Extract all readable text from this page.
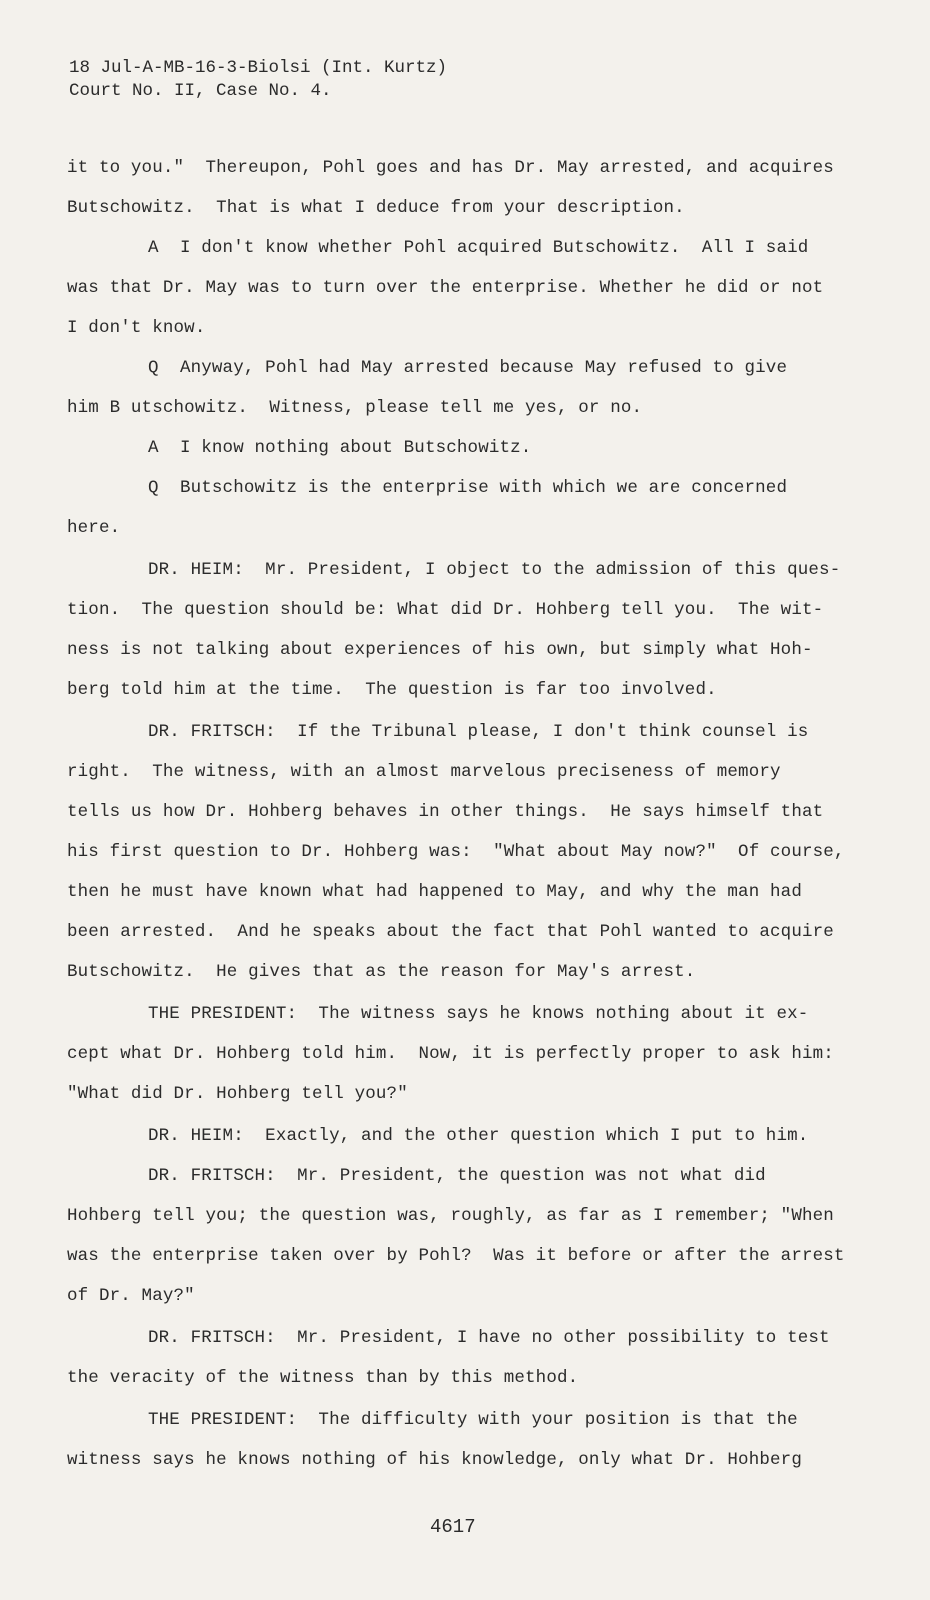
18 Jul-A-MB-16-3-Biolsi (Int. Kurtz)
Court No. II, Case No. 4.
it to you."  Thereupon, Pohl goes and has Dr. May arrested, and acquires
Butschowitz.  That is what I deduce from your description.
A  I don't know whether Pohl acquired Butschowitz.  All I said
was that Dr. May was to turn over the enterprise. Whether he did or not
I don't know.
Q  Anyway, Pohl had May arrested because May refused to give
him B utschowitz.  Witness, please tell me yes, or no.
A  I know nothing about Butschowitz.
Q  Butschowitz is the enterprise with which we are concerned
here.
DR. HEIM:  Mr. President, I object to the admission of this ques-
tion.  The question should be: What did Dr. Hohberg tell you.  The wit-
ness is not talking about experiences of his own, but simply what Hoh-
berg told him at the time.  The question is far too involved.
DR. FRITSCH:  If the Tribunal please, I don't think counsel is
right.  The witness, with an almost marvelous preciseness of memory
tells us how Dr. Hohberg behaves in other things.  He says himself that
his first question to Dr. Hohberg was:  "What about May now?"  Of course,
then he must have known what had happened to May, and why the man had
been arrested.  And he speaks about the fact that Pohl wanted to acquire
Butschowitz.  He gives that as the reason for May's arrest.
THE PRESIDENT:  The witness says he knows nothing about it ex-
cept what Dr. Hohberg told him.  Now, it is perfectly proper to ask him:
"What did Dr. Hohberg tell you?"
DR. HEIM:  Exactly, and the other question which I put to him.
DR. FRITSCH:  Mr. President, the question was not what did
Hohberg tell you; the question was, roughly, as far as I remember; "When
was the enterprise taken over by Pohl?  Was it before or after the arrest
of Dr. May?"
DR. FRITSCH:  Mr. President, I have no other possibility to test
the veracity of the witness than by this method.
THE PRESIDENT:  The difficulty with your position is that the
witness says he knows nothing of his knowledge, only what Dr. Hohberg
4617
